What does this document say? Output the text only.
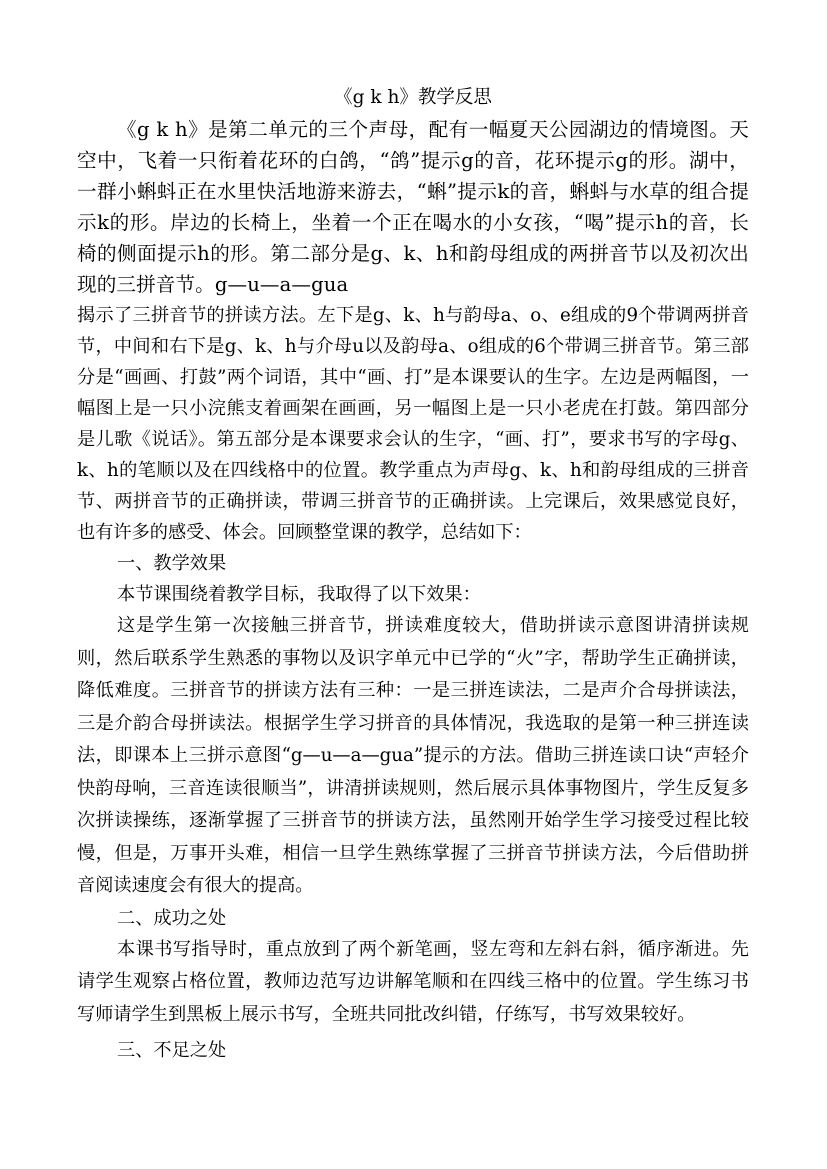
《g k h》教学反思

《g k h》是第二单元的三个声母，配有一幅夏天公园湖边的情境图。天空中，飞着一只衔着花环的白鸽，“鸽”提示g的音，花环提示g的形。湖中，一群小蝌蚪正在水里快活地游来游去，“蝌”提示k的音，蝌蚪与水草的组合提示k的形。岸边的长椅上，坐着一个正在喝水的小女孩，“喝”提示h的音，长椅的侧面提示h的形。第二部分是g、k、h和韵母组成的两拼音节以及初次出现的三拼音节。g—u—a—gua

揭示了三拼音节的拼读方法。左下是g、k、h与韵母a、o、e组成的9个带调两拼音节，中间和右下是g、k、h与介母u以及韵母a、o组成的6个带调三拼音节。第三部分是“画画、打鼓”两个词语，其中“画、打”是本课要认的生字。左边是两幅图，一幅图上是一只小浣熊支着画架在画画，另一幅图上是一只小老虎在打鼓。第四部分是儿歌《说话》。第五部分是本课要求会认的生字，“画、打”，要求书写的字母g、k、h的笔顺以及在四线格中的位置。教学重点为声母g、k、h和韵母组成的三拼音节、两拼音节的正确拼读，带调三拼音节的正确拼读。上完课后，效果感觉良好，也有许多的感受、体会。回顾整堂课的教学，总结如下：

一、教学效果

本节课围绕着教学目标，我取得了以下效果：

这是学生第一次接触三拼音节，拼读难度较大，借助拼读示意图讲清拼读规则，然后联系学生熟悉的事物以及识字单元中已学的“火”字，帮助学生正确拼读，降低难度。三拼音节的拼读方法有三种：一是三拼连读法，二是声介合母拼读法，三是介韵合母拼读法。根据学生学习拼音的具体情况，我选取的是第一种三拼连读法，即课本上三拼示意图“g—u—a—gua”提示的方法。借助三拼连读口诀“声轻介快韵母响，三音连读很顺当”，讲清拼读规则，然后展示具体事物图片，学生反复多次拼读操练，逐渐掌握了三拼音节的拼读方法，虽然刚开始学生学习接受过程比较慢，但是，万事开头难，相信一旦学生熟练掌握了三拼音节拼读方法，今后借助拼音阅读速度会有很大的提高。

二、成功之处

本课书写指导时，重点放到了两个新笔画，竖左弯和左斜右斜，循序渐进。先请学生观察占格位置，教师边范写边讲解笔顺和在四线三格中的位置。学生练习书写师请学生到黑板上展示书写，全班共同批改纠错，仔练写，书写效果较好。

三、不足之处
